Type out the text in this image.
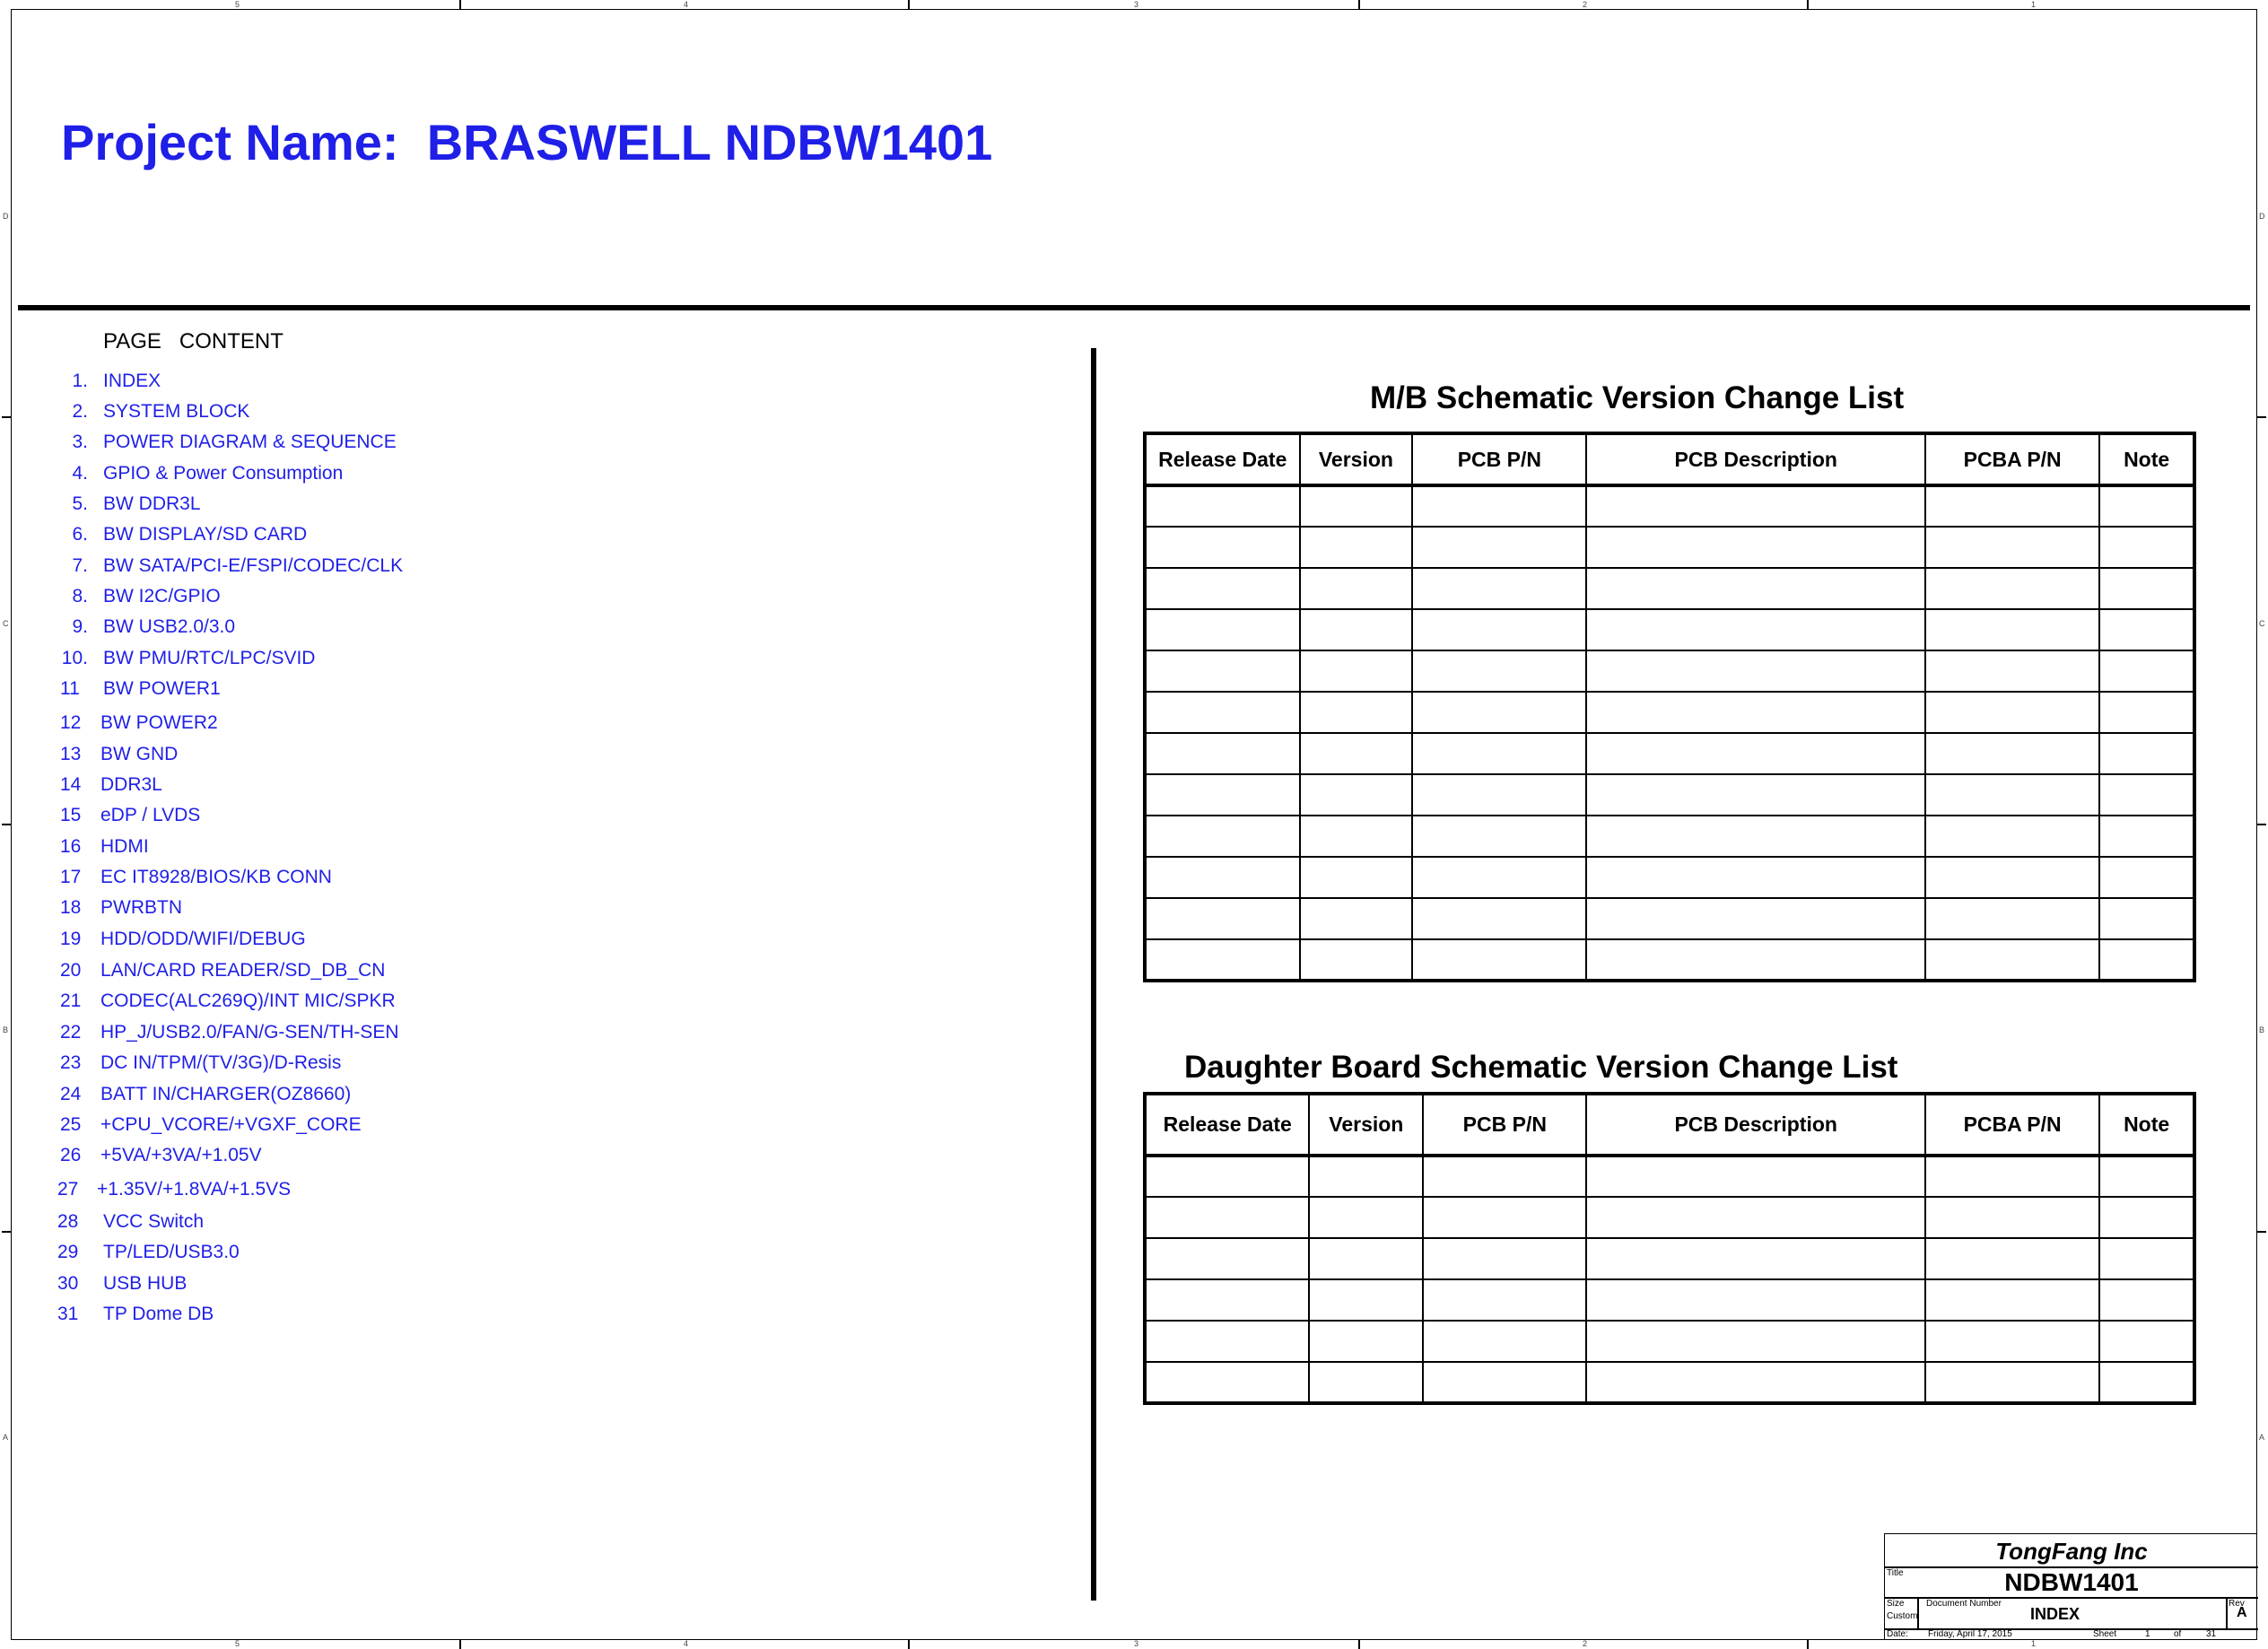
5	4	3	2	1
5	4	3	2	1
D
C
B
A
D
C
B
A
Project Name:  BRASWELL NDBW1401
PAGE   CONTENT
1. INDEX
2. SYSTEM BLOCK
3. POWER DIAGRAM & SEQUENCE
4. GPIO & Power Consumption
5. BW DDR3L
6. BW DISPLAY/SD CARD
7. BW SATA/PCI-E/FSPI/CODEC/CLK
8. BW I2C/GPIO
9. BW USB2.0/3.0
10. BW PMU/RTC/LPC/SVID
11	BW POWER1
12	BW POWER2
13	BW GND
14	DDR3L
15	eDP / LVDS
16	HDMI
17	EC IT8928/BIOS/KB CONN
18	PWRBTN
19	HDD/ODD/WIFI/DEBUG
20	LAN/CARD READER/SD_DB_CN
21	CODEC(ALC269Q)/INT MIC/SPKR
22	HP_J/USB2.0/FAN/G-SEN/TH-SEN
23	DC IN/TPM/(TV/3G)/D-Resis
24	BATT IN/CHARGER(OZ8660)
25	+CPU_VCORE/+VGXF_CORE
26	+5VA/+3VA/+1.05V
27 +1.35V/+1.8VA/+1.5VS
28	VCC Switch
29	TP/LED/USB3.0
30	USB HUB
31	TP Dome DB
M/B Schematic Version Change List
Release Date	Version	PCB P/N	PCB Description	PCBA P/N	Note

Daughter Board Schematic Version Change List
Release Date	Version	PCB P/N	PCB Description	PCBA P/N	Note

TongFang Inc
Title	NDBW1401
Size
Custom
Document Number
INDEX
Rev
A
Date: Friday, April 17, 2015	Sheet	1	of	31
